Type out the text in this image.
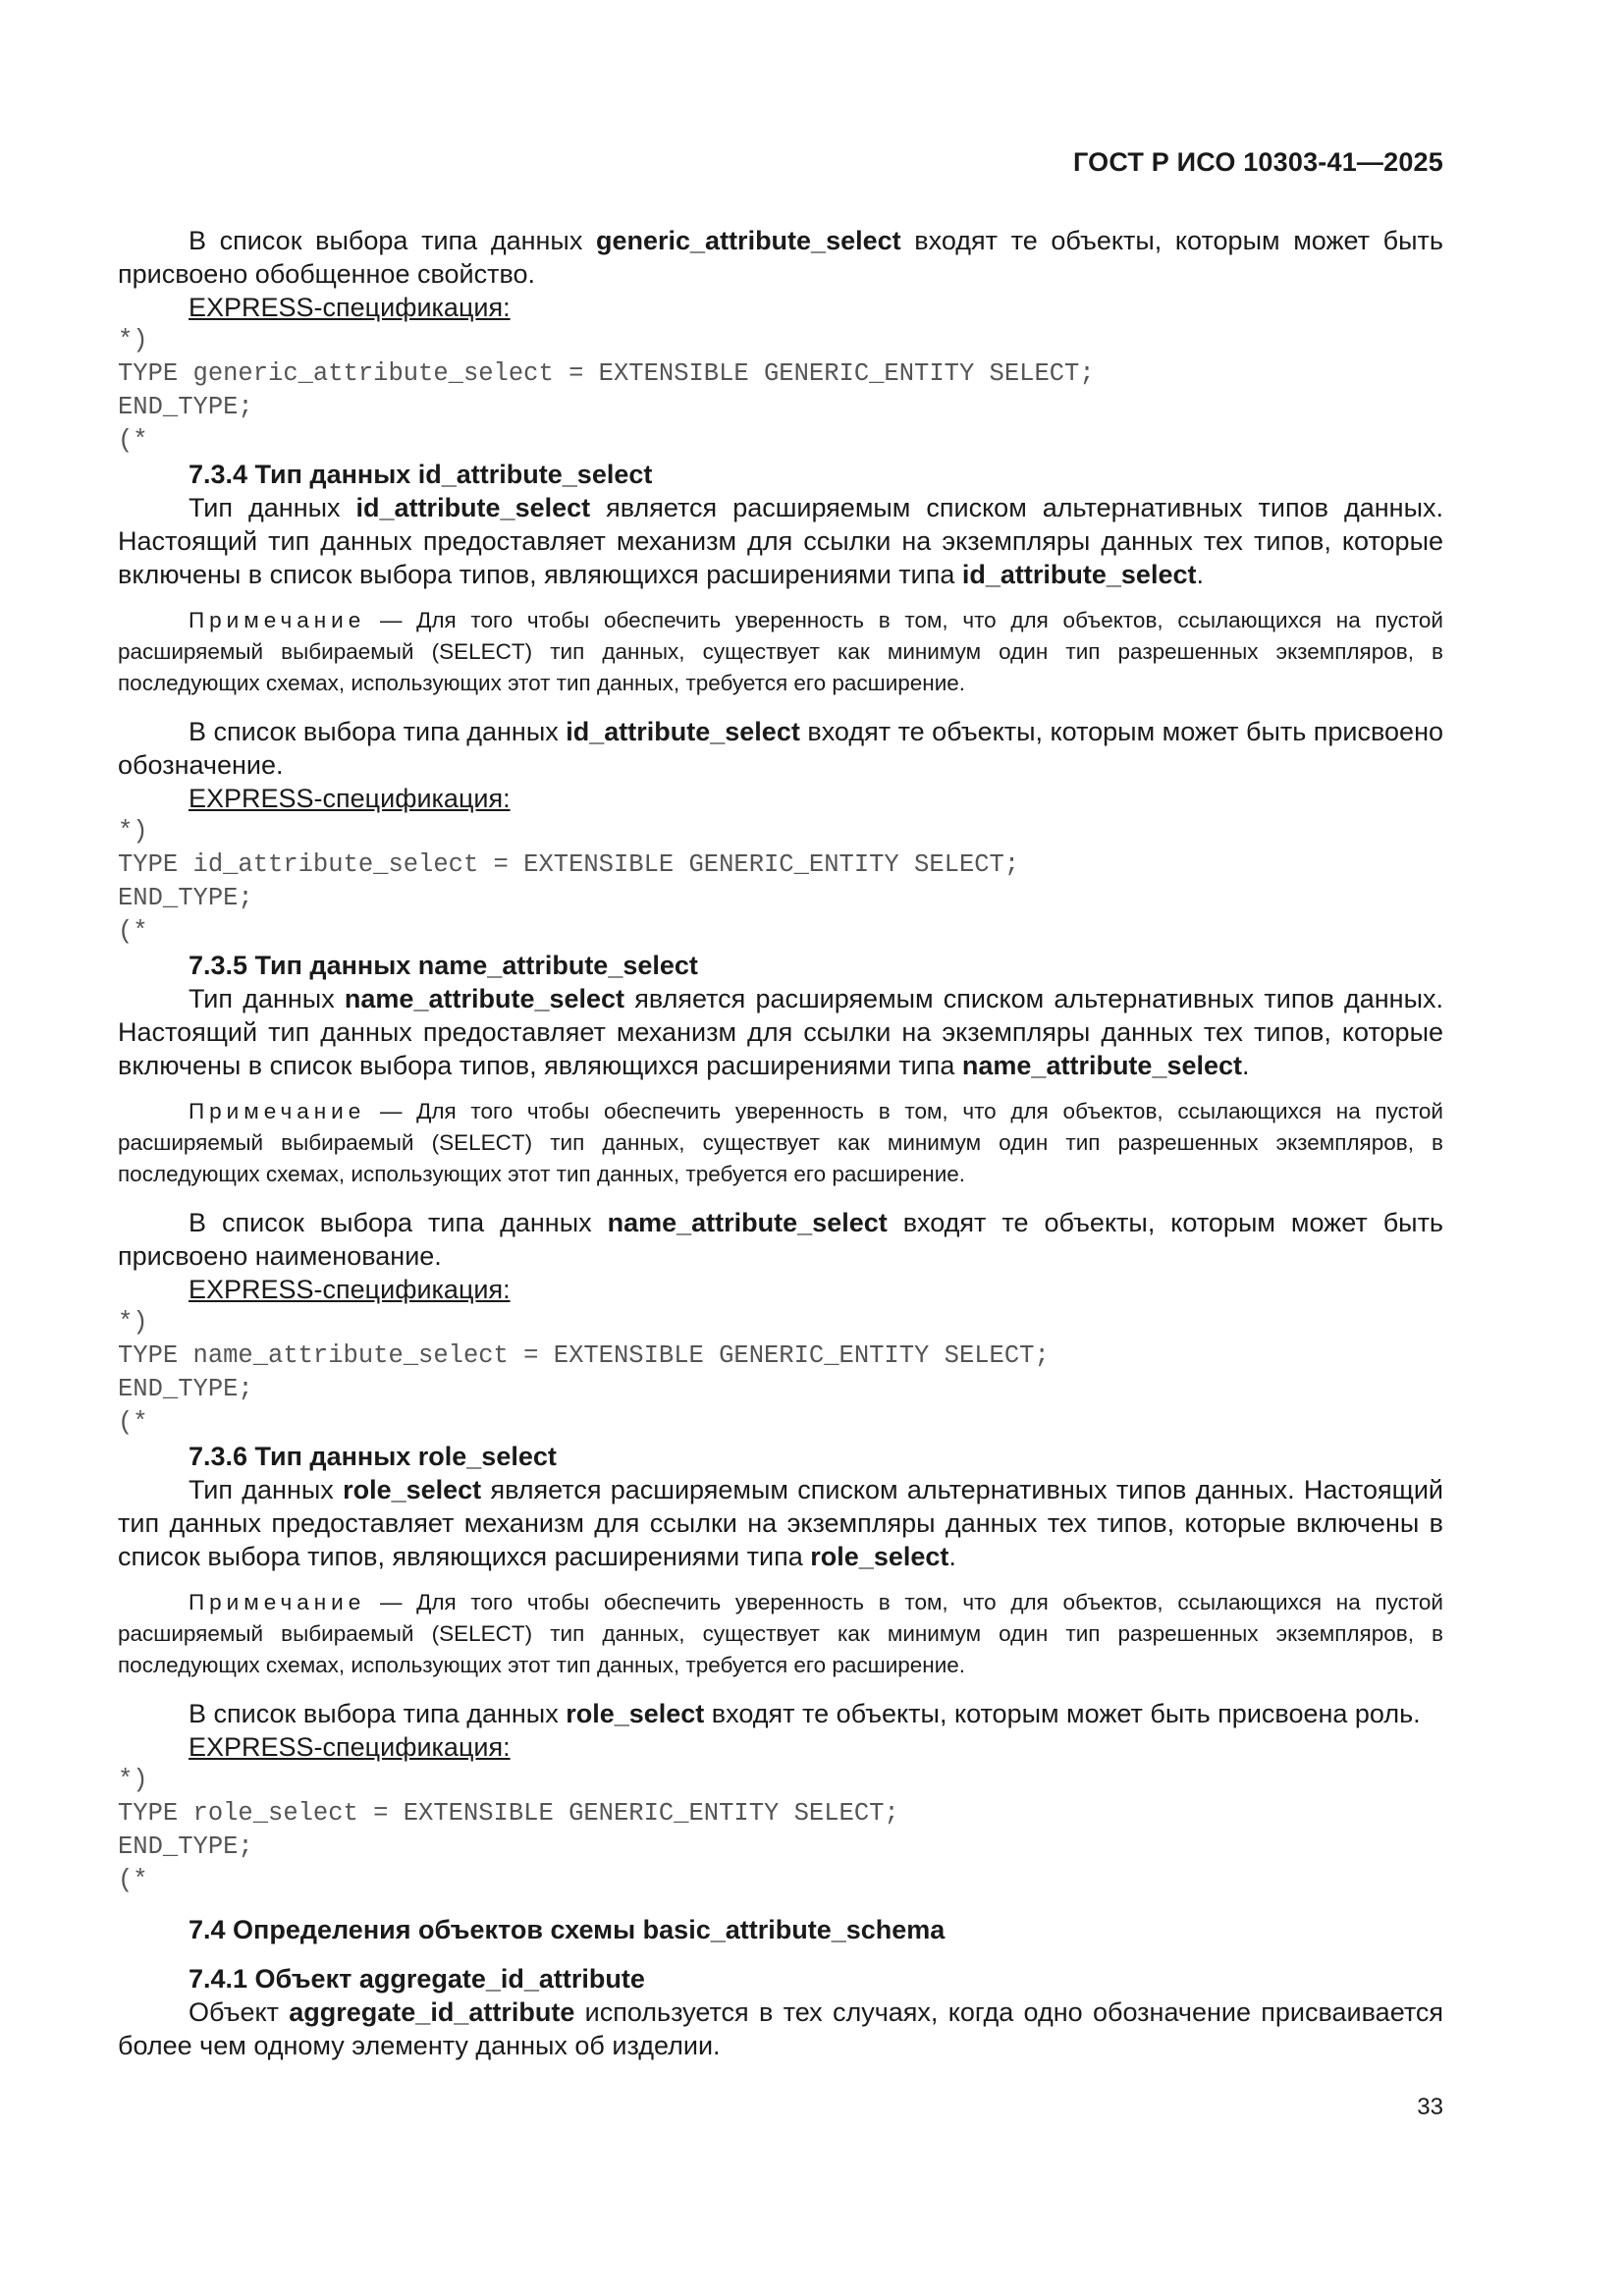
ГОСТ Р ИСО 10303-41—2025

В список выбора типа данных generic_attribute_select входят те объекты, которым может быть присвоено обобщенное свойство.

EXPRESS-спецификация:

*)

TYPE generic_attribute_select = EXTENSIBLE GENERIC_ENTITY SELECT;

END_TYPE;

(*

7.3.4 Тип данных id_attribute_select

Тип данных id_attribute_select является расширяемым списком альтернативных типов данных. Настоящий тип данных предоставляет механизм для ссылки на экземпляры данных тех типов, которые включены в список выбора типов, являющихся расширениями типа id_attribute_select.

Примечание — Для того чтобы обеспечить уверенность в том, что для объектов, ссылающихся на пустой расширяемый выбираемый (SELECT) тип данных, существует как минимум один тип разрешенных экземпляров, в последующих схемах, использующих этот тип данных, требуется его расширение.

В список выбора типа данных id_attribute_select входят те объекты, которым может быть присвоено обозначение.

EXPRESS-спецификация:

*)

TYPE id_attribute_select = EXTENSIBLE GENERIC_ENTITY SELECT;

END_TYPE;

(*

7.3.5 Тип данных name_attribute_select

Тип данных name_attribute_select является расширяемым списком альтернативных типов данных. Настоящий тип данных предоставляет механизм для ссылки на экземпляры данных тех типов, которые включены в список выбора типов, являющихся расширениями типа name_attribute_select.

Примечание — Для того чтобы обеспечить уверенность в том, что для объектов, ссылающихся на пустой расширяемый выбираемый (SELECT) тип данных, существует как минимум один тип разрешенных экземпляров, в последующих схемах, использующих этот тип данных, требуется его расширение.

В список выбора типа данных name_attribute_select входят те объекты, которым может быть присвоено наименование.

EXPRESS-спецификация:

*)

TYPE name_attribute_select = EXTENSIBLE GENERIC_ENTITY SELECT;

END_TYPE;

(*

7.3.6 Тип данных role_select

Тип данных role_select является расширяемым списком альтернативных типов данных. Настоящий тип данных предоставляет механизм для ссылки на экземпляры данных тех типов, которые включены в список выбора типов, являющихся расширениями типа role_select.

Примечание — Для того чтобы обеспечить уверенность в том, что для объектов, ссылающихся на пустой расширяемый выбираемый (SELECT) тип данных, существует как минимум один тип разрешенных экземпляров, в последующих схемах, использующих этот тип данных, требуется его расширение.

В список выбора типа данных role_select входят те объекты, которым может быть присвоена роль.

EXPRESS-спецификация:

*)

TYPE role_select = EXTENSIBLE GENERIC_ENTITY SELECT;

END_TYPE;

(*

7.4 Определения объектов схемы basic_attribute_schema

7.4.1 Объект aggregate_id_attribute

Объект aggregate_id_attribute используется в тех случаях, когда одно обозначение присваивается более чем одному элементу данных об изделии.

33
